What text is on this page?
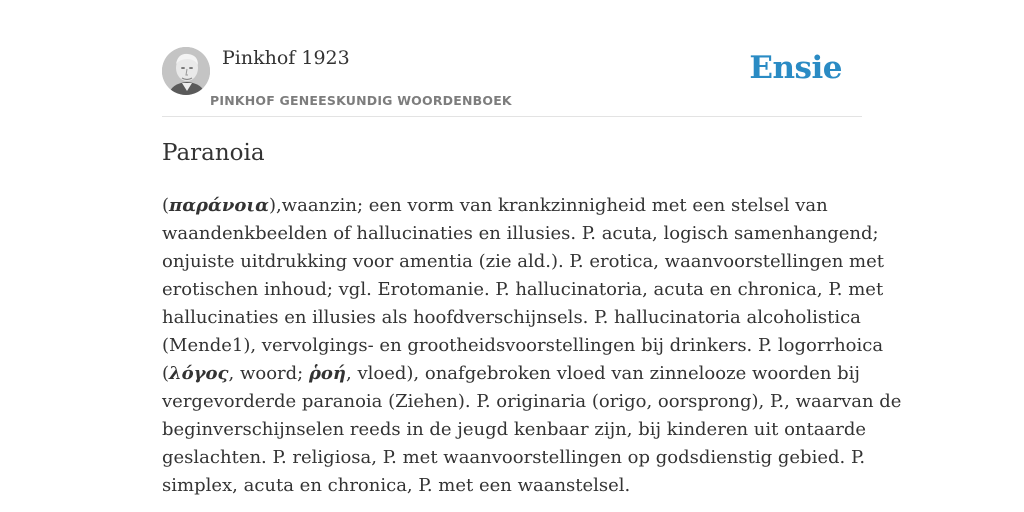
Pinkhof 1923
PINKHOF GENEESKUNDIG WOORDENBOEK
Ensie
Paranoia
(παράνοια),waanzin; een vorm van krankzinnigheid met een stelsel van
waandenkbeelden of hallucinaties en illusies. P. acuta, logisch samenhangend;
onjuiste uitdrukking voor amentia (zie ald.). P. erotica, waanvoorstellingen met
erotischen inhoud; vgl. Erotomanie. P. hallucinatoria, acuta en chronica, P. met
hallucinaties en illusies als hoofdverschijnsels. P. hallucinatoria alcoholistica
(Mende1), vervolgings- en grootheidsvoorstellingen bij drinkers. P. logorrhoica
(λόγος, woord; ῥοή, vloed), onafgebroken vloed van zinnelooze woorden bij
vergevorderde paranoia (Ziehen). P. originaria (origo, oorsprong), P., waarvan de
beginverschijnselen reeds in de jeugd kenbaar zijn, bij kinderen uit ontaarde
geslachten. P. religiosa, P. met waanvoorstellingen op godsdienstig gebied. P.
simplex, acuta en chronica, P. met een waanstelsel.
